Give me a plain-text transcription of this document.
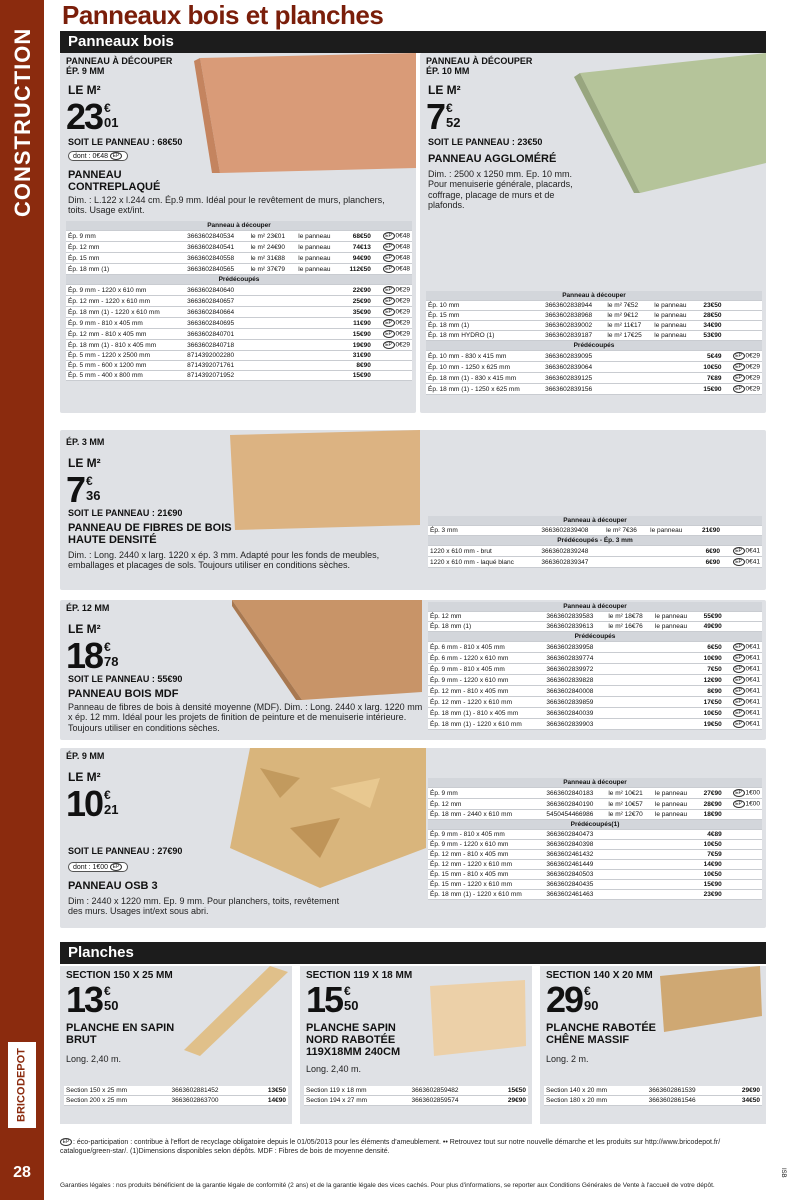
CONSTRUCTION
BRICO
DEPOT
28
Panneaux bois et planches
Panneaux bois
PANNEAU À DÉCOUPER
ÉP. 9 MM
LE M²
23 €
01
SOIT LE PANNEAU : 68€50
dont : 0€48 EP
PANNEAU
CONTREPLAQUÉ
Dim. : L.122 x l.244 cm. Ép.9 mm. Idéal pour le revêtement de murs, planchers, toits. Usage ext/int.
Panneau à découper					
Ép. 9 mm	3663602840534	le m² 23€01	le panneau	68€50	EP 0€48
Ép. 12 mm	3663602840541	le m² 24€90	le panneau	74€13	EP 0€48
Ép. 15 mm	3663602840558	le m² 31€88	le panneau	94€90	EP 0€48
Ép. 18 mm (1)	3663602840565	le m² 37€79	le panneau	112€50	EP 0€48
Prédécoupés					
Ép. 9 mm - 1220 x 610 mm	3663602840640			22€90	EP 0€29
Ép. 12 mm - 1220 x 610 mm	3663602840657			25€90	EP 0€29
Ép. 18 mm (1) - 1220 x 610 mm	3663602840664			35€90	EP 0€29
Ép. 9 mm - 810 x 405 mm	3663602840695			11€90	EP 0€29
Ép. 12 mm - 810 x 405 mm	3663602840701			15€90	EP 0€29
Ép. 18 mm (1) - 810 x 405 mm	3663602840718			19€90	EP 0€29
Ép. 5 mm - 1220 x 2500 mm	8714392002280			31€90	
Ép. 5 mm - 600 x 1200 mm	8714392071761			8€90	
Ép. 5 mm - 400 x 800 mm	8714392071952			15€90	
PANNEAU À DÉCOUPER
ÉP. 10 MM
LE M²
7 €
52
SOIT LE PANNEAU : 23€50
PANNEAU AGGLOMÉRÉ
Dim. : 2500 x 1250 mm. Ep. 10 mm. Pour menuiserie générale, placards, coffrage, placage de murs et de plafonds.
Panneau à découper					
Ép. 10 mm	3663602838944	le m² 7€52	le panneau	23€50	
Ép. 15 mm	3663602838968	le m² 9€12	le panneau	28€50	
Ép. 18 mm (1)	3663602839002	le m² 11€17	le panneau	34€90	
Ép. 18 mm HYDRO (1)	3663602839187	le m² 17€25	le panneau	53€90	
Prédécoupés					
Ép. 10 mm - 830 x 415 mm	3663602839095			5€49	EP 0€29
Ép. 10 mm - 1250 x 625 mm	3663602839064			10€50	EP 0€29
Ép. 18 mm (1) - 830 x 415 mm	3663602839125			7€89	EP 0€29
Ép. 18 mm (1) - 1250 x 625 mm	3663602839156			15€90	EP 0€29
ÉP. 3 MM
LE M²
7 €
36
SOIT LE PANNEAU : 21€90
PANNEAU DE FIBRES DE BOIS
HAUTE DENSITÉ
Dim. : Long. 2440 x larg. 1220 x ép. 3 mm. Adapté pour les fonds de meubles, emballages et placages de sols. Toujours utiliser en conditions sèches.
Panneau à découper					
Ép. 3 mm	3663602839408	le m² 7€36	le panneau	21€90	
Prédécoupés - Ép. 3 mm					
1220 x 610 mm - brut	3663602839248			6€90	EP 0€41
1220 x 610 mm - laqué blanc	3663602839347			6€90	EP 0€41
ÉP. 12 MM
LE M²
18 €
78
SOIT LE PANNEAU : 55€90
PANNEAU BOIS MDF
Panneau de fibres de bois à densité moyenne (MDF). Dim. : Long. 2440 x larg. 1220 mm x ép. 12 mm. Idéal pour les projets de finition de peinture et de menuiserie intérieure. Toujours utiliser en conditions sèches.
Panneau à découper					
Ép. 12 mm	3663602839583	le m² 18€78	le panneau	55€90	
Ép. 18 mm (1)	3663602839613	le m² 16€76	le panneau	49€90	
Prédécoupés					
Ép. 6 mm - 810 x 405 mm	3663602839958			6€50	EP 0€41
Ép. 6 mm - 1220 x 610 mm	3663602839774			10€90	EP 0€41
Ép. 9 mm - 810 x 405 mm	3663602839972			7€50	EP 0€41
Ép. 9 mm - 1220 x 610 mm	3663602839828			12€90	EP 0€41
Ép. 12 mm - 810 x 405 mm	3663602840008			8€90	EP 0€41
Ép. 12 mm - 1220 x 610 mm	3663602839859			17€50	EP 0€41
Ép. 18 mm (1) - 810 x 405 mm	3663602840039			10€50	EP 0€41
Ép. 18 mm (1) - 1220 x 610 mm	3663602839903			19€50	EP 0€41
ÉP. 9 MM
LE M²
10 €
21
SOIT LE PANNEAU : 27€90
dont : 1€00 EP
PANNEAU OSB 3
Dim : 2440 x 1220 mm. Ep. 9 mm. Pour planchers, toits, revêtement des murs. Usages int/ext sous abri.
Panneau à découper					
Ép. 9 mm	3663602840183	le m² 10€21	le panneau	27€90	EP 1€00
Ép. 12 mm	3663602840190	le m² 10€57	le panneau	28€90	EP 1€00
Ép. 18 mm - 2440 x 610 mm	5450454466986	le m² 12€70	le panneau	18€90	
Prédécoupés(1)					
Ép. 9 mm - 810 x 405 mm	3663602840473			4€89	
Ép. 9 mm - 1220 x 610 mm	3663602840398			10€50	
Ép. 12 mm - 810 x 405 mm	3663602461432			7€59	
Ép. 12 mm - 1220 x 610 mm	3663602461449			14€90	
Ép. 15 mm - 810 x 405 mm	3663602840503			10€50	
Ép. 15 mm - 1220 x 610 mm	3663602840435			15€90	
Ép. 18 mm (1) - 1220 x 610 mm	3663602461463			23€90	
Planches
SECTION 150 X 25 MM
13 €
50
PLANCHE EN SAPIN
BRUT
Long. 2,40 m.
Section 150 x 25 mm	3663602881452	13€50
Section 200 x 25 mm	3663602863700	14€90
SECTION 119 X 18 MM
15 €
50
PLANCHE SAPIN
NORD RABOTÉE
119X18MM 240CM
Long. 2,40 m.
Section 119 x 18 mm	3663602859482	15€50
Section 194 x 27 mm	3663602859574	29€90
SECTION 140 X 20 MM
29 €
90
PLANCHE RABOTÉE
CHÊNE MASSIF
Long. 2 m.
Section 140 x 20 mm	3663602861539	29€90
Section 180 x 20 mm	3663602861546	34€50
EP : éco-participation : contribue à l'effort de recyclage obligatoire depuis le 01/05/2013 pour les éléments d'ameublement. •• Retrouvez tout sur notre nouvelle démarche et les produits sur http://www.bricodepot.fr/
catalogue/green-star/. (1)Dimensions disponibles selon dépôts. MDF : Fibres de bois de moyenne densité.
Garanties légales : nos produits bénéficient de la garantie légale de conformité (2 ans) et de la garantie légale des vices cachés. Pour plus d'informations, se reporter aux Conditions Générales de Vente à l'accueil de votre dépôt.
ISB
